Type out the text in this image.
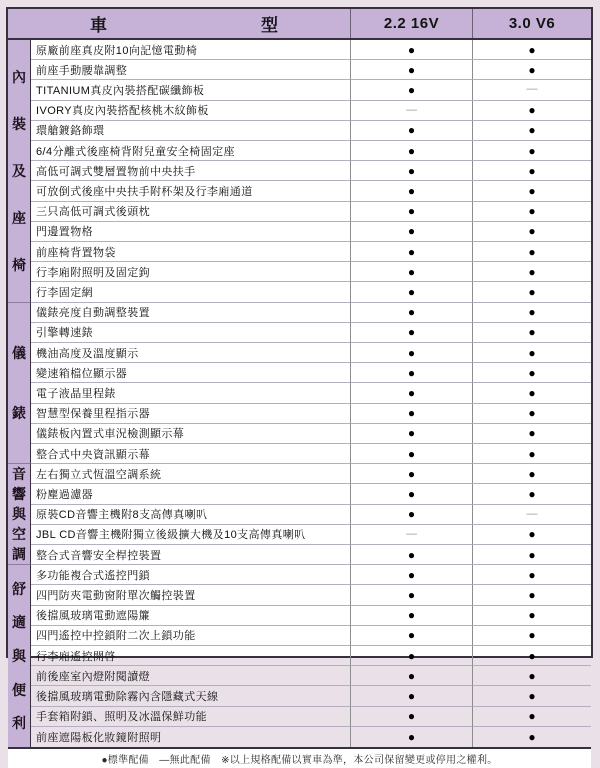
車	型	2.2 16V	3.0 V6
內
裝
及
座
椅
原廠前座真皮附10向記憶電動椅	●	●
前座手動腰靠調整	●	●
TITANIUM真皮內裝搭配碳纖飾板	●	—
IVORY真皮內裝搭配核桃木紋飾板	—	●
環艙鍍鉻飾環	●	●
6/4分離式後座椅背附兒童安全椅固定座	●	●
高低可調式雙層置物前中央扶手	●	●
可放倒式後座中央扶手附杯架及行李廂通道	●	●
三只高低可調式後頭枕	●	●
門邊置物格	●	●
前座椅背置物袋	●	●
行李廂附照明及固定鉤	●	●
行李固定網	●	●
儀
錶
儀錶亮度自動調整裝置	●	●
引擎轉速錶	●	●
機油高度及溫度顯示	●	●
變速箱檔位顯示器	●	●
電子液晶里程錶	●	●
智慧型保養里程指示器	●	●
儀錶板內置式車況檢測顯示幕	●	●
整合式中央資訊顯示幕	●	●
音
響
與
空
調
左右獨立式恆溫空調系統	●	●
粉塵過濾器	●	●
原裝CD音響主機附8支高傳真喇叭	●	—
JBL CD音響主機附獨立後級擴大機及10支高傳真喇叭	—	●
整合式音響安全桿控裝置	●	●
舒
適
與
便
利
多功能複合式遙控門鎖	●	●
四門防夾電動窗附單次觸控裝置	●	●
後擋風玻璃電動遮陽簾	●	●
四門遙控中控鎖附二次上鎖功能	●	●
行李廂遙控開啓	●	●
前後座室內燈附閱讀燈	●	●
後擋風玻璃電動除霧內含隱藏式天線	●	●
手套箱附鎖、照明及冰溫保鮮功能	●	●
前座遮陽板化妝鏡附照明	●	●
●標準配備　—無此配備　※以上規格配備以實車為準，本公司保留變更或停用之權利。
